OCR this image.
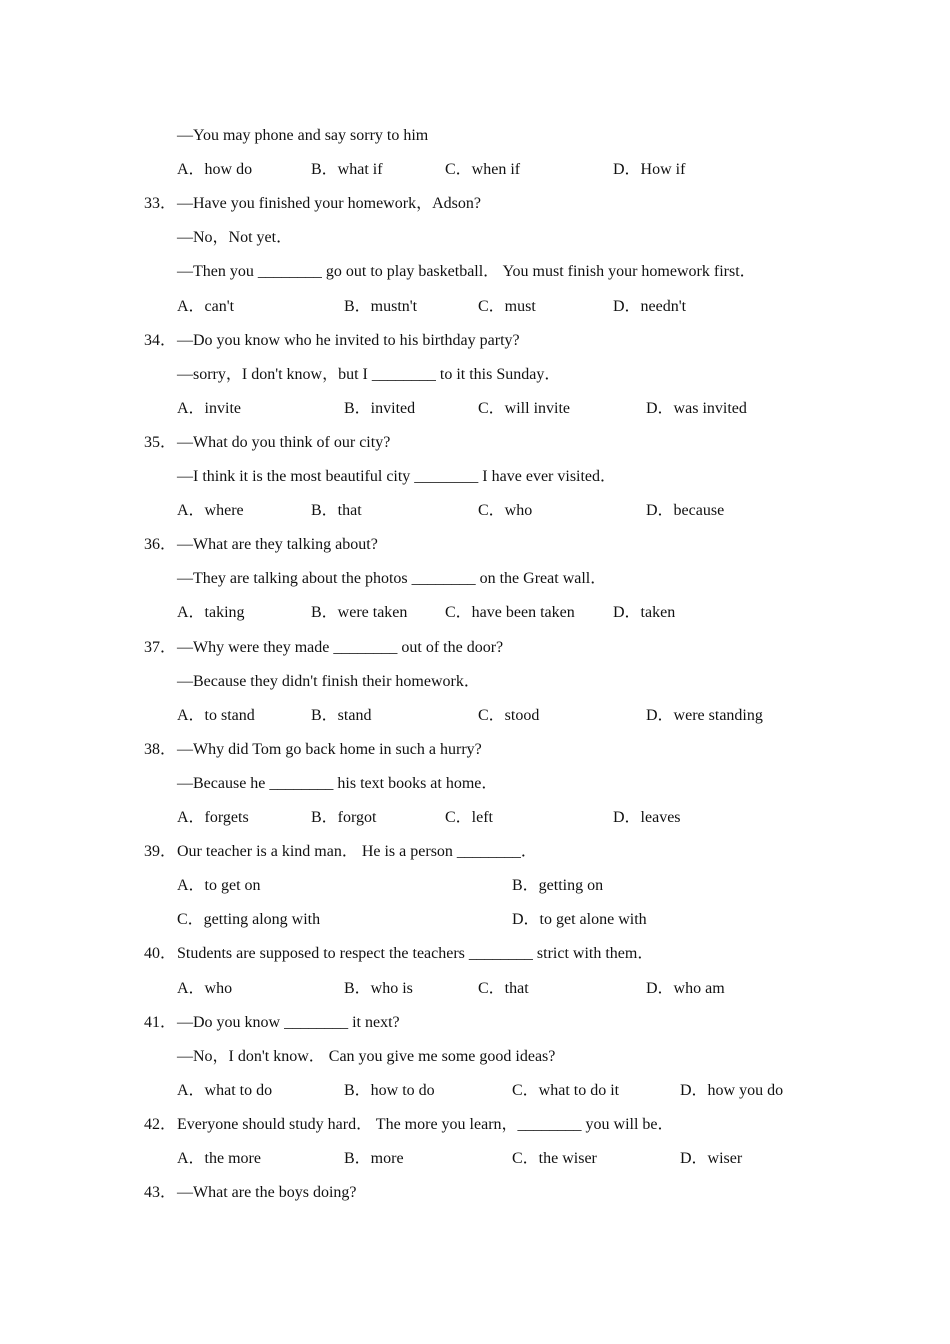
—You may phone and say sorry to him
A．how do	B．what if	C．when if	D．How if
33． —Have you finished your homework，Adson?
—No，Not yet．
—Then you ________ go out to play basketball． You must finish your homework first．
A．can't	B．mustn't	C．must	D．needn't
34． —Do you know who he invited to his birthday party?
—sorry，I don't know，but I ________ to it this Sunday．
A．invite	B．invited	C．will invite	D．was invited
35． —What do you think of our city?
—I think it is the most beautiful city ________ I have ever visited．
A．where	B．that	C．who	D．because
36． —What are they talking about?
—They are talking about the photos ________ on the Great wall．
A．taking	B．were taken C．have been taken D．taken
37． —Why were they made ________ out of the door?
—Because they didn't finish their homework．
A．to stand	B．stand	C．stood	D．were standing
38． —Why did Tom go back home in such a hurry?
—Because he ________ his text books at home．
A．forgets	B．forgot	C．left	D．leaves
39． Our teacher is a kind man． He is a person ________．
A．to get on	B．getting on
C．getting along with	D．to get alone with
40． Students are supposed to respect the teachers ________ strict with them．
A．who	B．who is	C．that	D．who am
41． —Do you know ________ it next?
—No，I don't know． Can you give me some good ideas?
A．what to do	B．how to do	C．what to do it	D．how you do
42． Everyone should study hard． The more you learn，________ you will be．
A．the more	B．more	C．the wiser	D．wiser
43． —What are the boys doing?
